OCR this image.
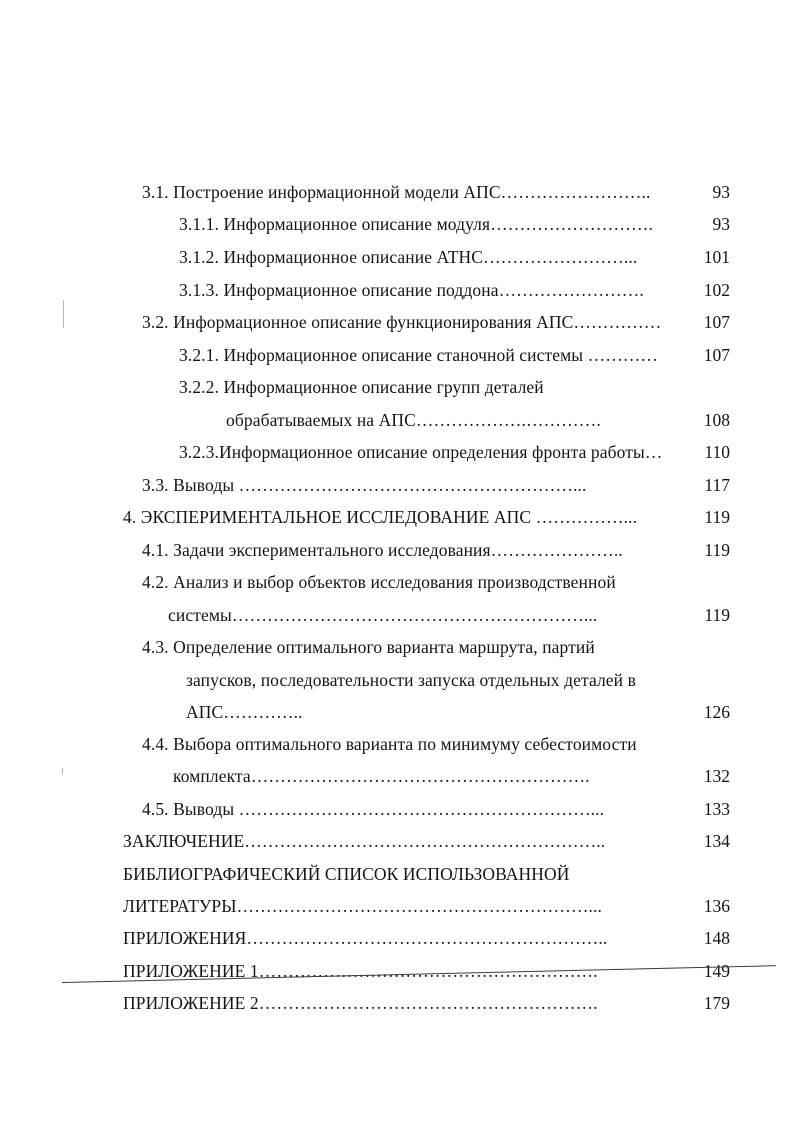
3.1. Построение информационной модели АПС……………………..	93
3.1.1. Информационное описание модуля……………………….	93
3.1.2. Информационное описание АТНС……………………...	101
3.1.3. Информационное описание поддона…………………….	102
3.2. Информационное описание функционирования АПС……………	107
3.2.1. Информационное описание станочной системы …………	107
3.2.2. Информационное описание групп деталей
обрабатываемых на АПС……………….………….	108
3.2.3.Информационное описание определения фронта работы…	110
3.3. Выводы …………………………………………………...	117
4. ЭКСПЕРИМЕНТАЛЬНОЕ ИССЛЕДОВАНИЕ АПС ……………...	119
4.1. Задачи экспериментального исследования…………………..	119
4.2. Анализ и выбор объектов исследования производственной
системы……………………………………………………...	119
4.3. Определение оптимального варианта маршрута, партий
запусков, последовательности запуска отдельных деталей в
АПС…………..	126
4.4. Выбора оптимального варианта по минимуму себестоимости
комплекта………………………………………………….	132
4.5. Выводы ……………………………………………………...	133
ЗАКЛЮЧЕНИЕ……………………………………………………..	134
БИБЛИОГРАФИЧЕСКИЙ СПИСОК ИСПОЛЬЗОВАННОЙ
ЛИТЕРАТУРЫ……………………………………………………...	136
ПРИЛОЖЕНИЯ……………………………………………………..	148
ПРИЛОЖЕНИЕ 1………………………………………………….	149
ПРИЛОЖЕНИЕ 2………………………………………………….	179
